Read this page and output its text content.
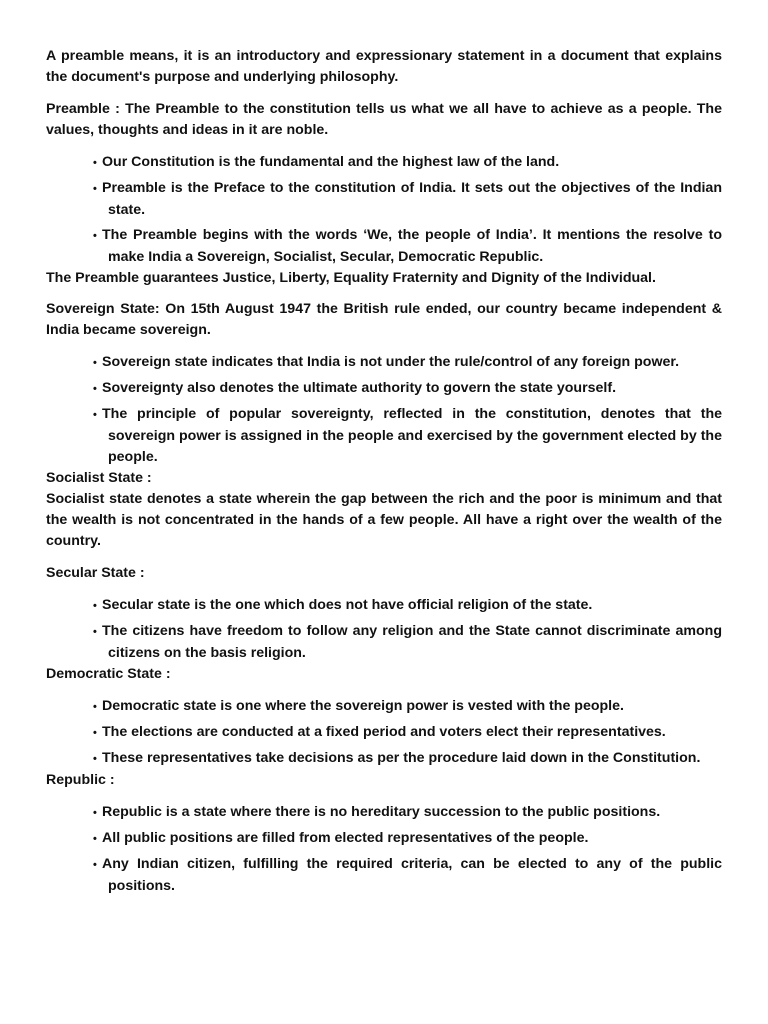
A preamble means, it is an introductory and expressionary statement in a document that explains the document's purpose and underlying philosophy.

Preamble : The Preamble to the constitution tells us what we all have to achieve as a people. The values, thoughts and ideas in it are noble.

• Our Constitution is the fundamental and the highest law of the land.
• Preamble is the Preface to the constitution of India. It sets out the objectives of the Indian state.
• The Preamble begins with the words ‘We, the people of India’. It mentions the resolve to make India a Sovereign, Socialist, Secular, Democratic Republic.

The Preamble guarantees Justice, Liberty, Equality Fraternity and Dignity of the Individual.

Sovereign State: On 15th August 1947 the British rule ended, our country became independent & India became sovereign.

• Sovereign state indicates that India is not under the rule/control of any foreign power.
• Sovereignty also denotes the ultimate authority to govern the state yourself.
• The principle of popular sovereignty, reflected in the constitution, denotes that the sovereign power is assigned in the people and exercised by the government elected by the people.

Socialist State :

Socialist state denotes a state wherein the gap between the rich and the poor is minimum and that the wealth is not concentrated in the hands of a few people. All have a right over the wealth of the country.

Secular State :

• Secular state is the one which does not have official religion of the state.
• The citizens have freedom to follow any religion and the State cannot discriminate among citizens on the basis religion.

Democratic State :

• Democratic state is one where the sovereign power is vested with the people.
• The elections are conducted at a fixed period and voters elect their representatives.
• These representatives take decisions as per the procedure laid down in the Constitution.

Republic :

• Republic is a state where there is no hereditary succession to the public positions.
• All public positions are filled from elected representatives of the people.
• Any Indian citizen, fulfilling the required criteria, can be elected to any of the public positions.
